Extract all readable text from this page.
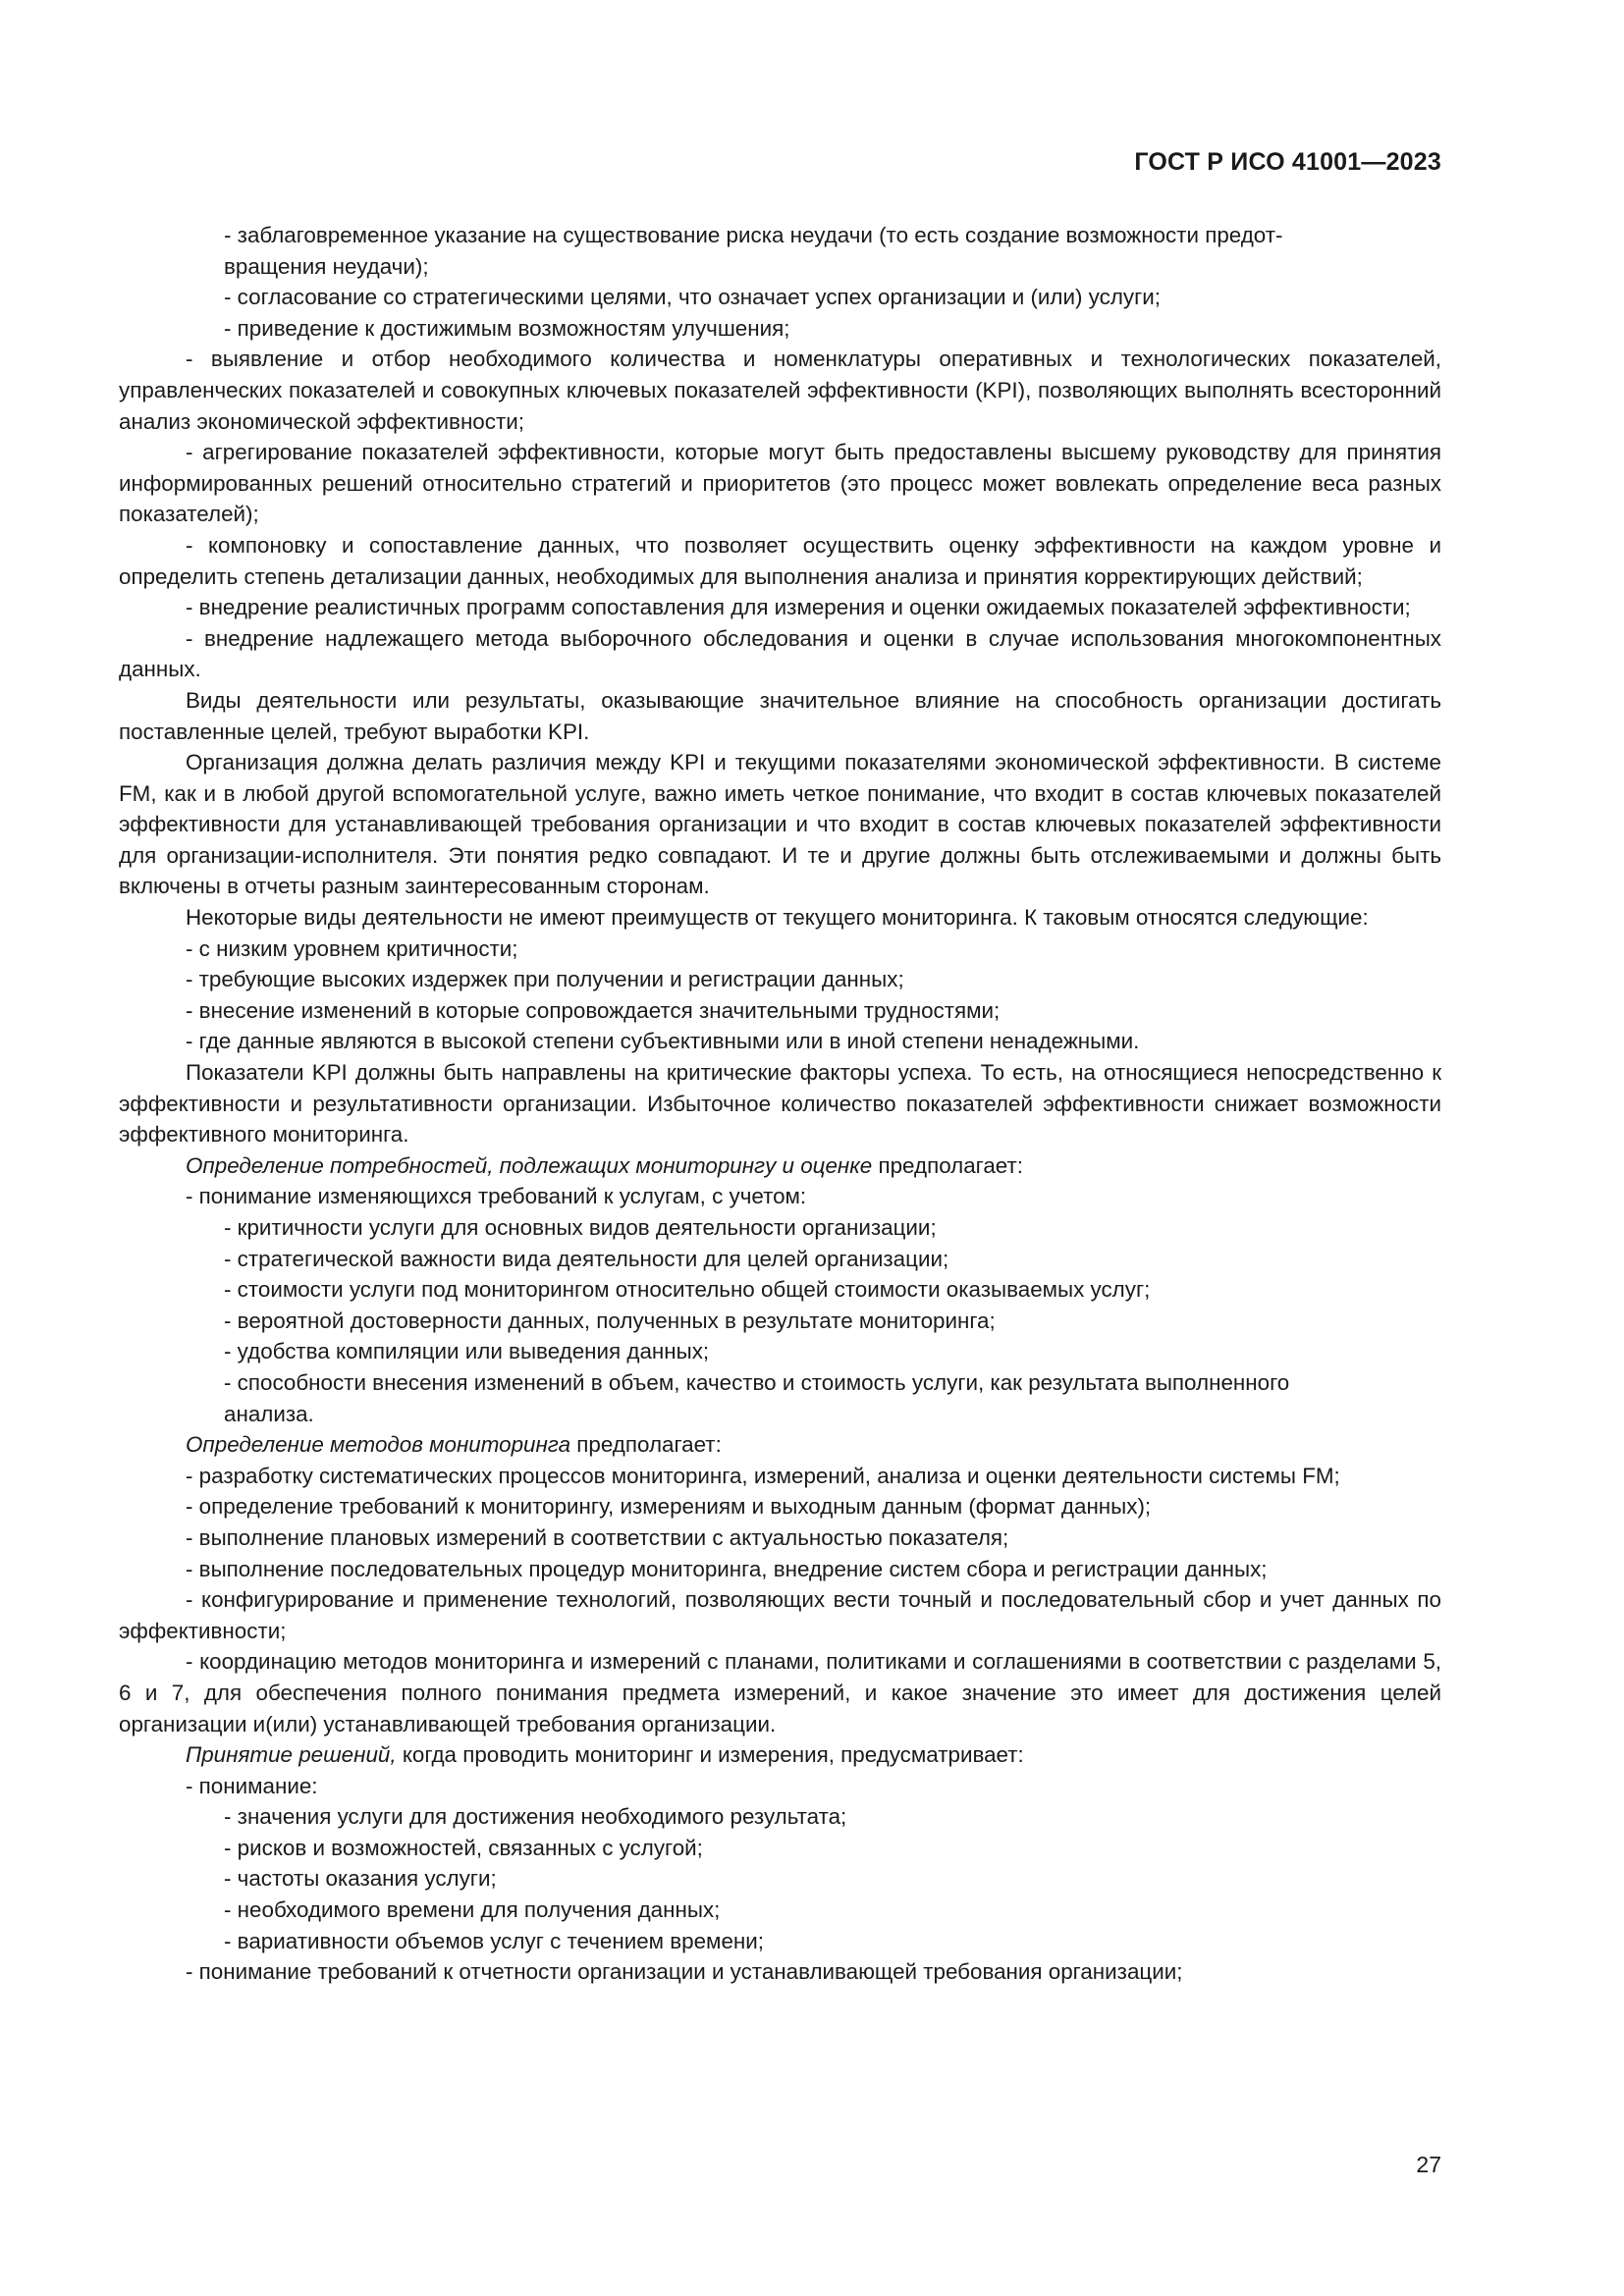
ГОСТ Р ИСО 41001—2023

- заблаговременное указание на существование риска неудачи (то есть создание возможности предот-
вращения неудачи);

- согласование со стратегическими целями, что означает успех организации и (или) услуги;

- приведение к достижимым возможностям улучшения;

- выявление и отбор необходимого количества и номенклатуры оперативных и технологических показателей, управленческих показателей и совокупных ключевых показателей эффективности (KPI), позволяющих выполнять всесторонний анализ экономической эффективности;

- агрегирование показателей эффективности, которые могут быть предоставлены высшему руководству для принятия информированных решений относительно стратегий и приоритетов (это процесс может вовлекать определение веса разных показателей);

- компоновку и сопоставление данных, что позволяет осуществить оценку эффективности на каждом уровне и определить степень детализации данных, необходимых для выполнения анализа и принятия корректирующих действий;

- внедрение реалистичных программ сопоставления для измерения и оценки ожидаемых показателей эффективности;

- внедрение надлежащего метода выборочного обследования и оценки в случае использования многокомпонентных данных.

Виды деятельности или результаты, оказывающие значительное влияние на способность организации достигать поставленные целей, требуют выработки KPI.

Организация должна делать различия между KPI и текущими показателями экономической эффективности. В системе FM, как и в любой другой вспомогательной услуге, важно иметь четкое понимание, что входит в состав ключевых показателей эффективности для устанавливающей требования организации и что входит в состав ключевых показателей эффективности для организации-исполнителя. Эти понятия редко совпадают. И те и другие должны быть отслеживаемыми и должны быть включены в отчеты разным заинтересованным сторонам.

Некоторые виды деятельности не имеют преимуществ от текущего мониторинга. К таковым относятся следующие:

- с низким уровнем критичности;

- требующие высоких издержек при получении и регистрации данных;

- внесение изменений в которые сопровождается значительными трудностями;

- где данные являются в высокой степени субъективными или в иной степени ненадежными.

Показатели KPI должны быть направлены на критические факторы успеха. То есть, на относящиеся непосредственно к эффективности и результативности организации. Избыточное количество показателей эффективности снижает возможности эффективного мониторинга.

Определение потребностей, подлежащих мониторингу и оценке предполагает:

- понимание изменяющихся требований к услугам, с учетом:

- критичности услуги для основных видов деятельности организации;

- стратегической важности вида деятельности для целей организации;

- стоимости услуги под мониторингом относительно общей стоимости оказываемых услуг;

- вероятной достоверности данных, полученных в результате мониторинга;

- удобства компиляции или выведения данных;

- способности внесения изменений в объем, качество и стоимость услуги, как результата выполненного
анализа.

Определение методов мониторинга предполагает:

- разработку систематических процессов мониторинга, измерений, анализа и оценки деятельности системы FM;

- определение требований к мониторингу, измерениям и выходным данным (формат данных);

- выполнение плановых измерений в соответствии с актуальностью показателя;

- выполнение последовательных процедур мониторинга, внедрение систем сбора и регистрации данных;

- конфигурирование и применение технологий, позволяющих вести точный и последовательный сбор и учет данных по эффективности;

- координацию методов мониторинга и измерений с планами, политиками и соглашениями в соответствии с разделами 5, 6 и 7, для обеспечения полного понимания предмета измерений, и какое значение это имеет для достижения целей организации и(или) устанавливающей требования организации.

Принятие решений, когда проводить мониторинг и измерения, предусматривает:

- понимание:

- значения услуги для достижения необходимого результата;

- рисков и возможностей, связанных с услугой;

- частоты оказания услуги;

- необходимого времени для получения данных;

- вариативности объемов услуг с течением времени;

- понимание требований к отчетности организации и устанавливающей требования организации;

27
